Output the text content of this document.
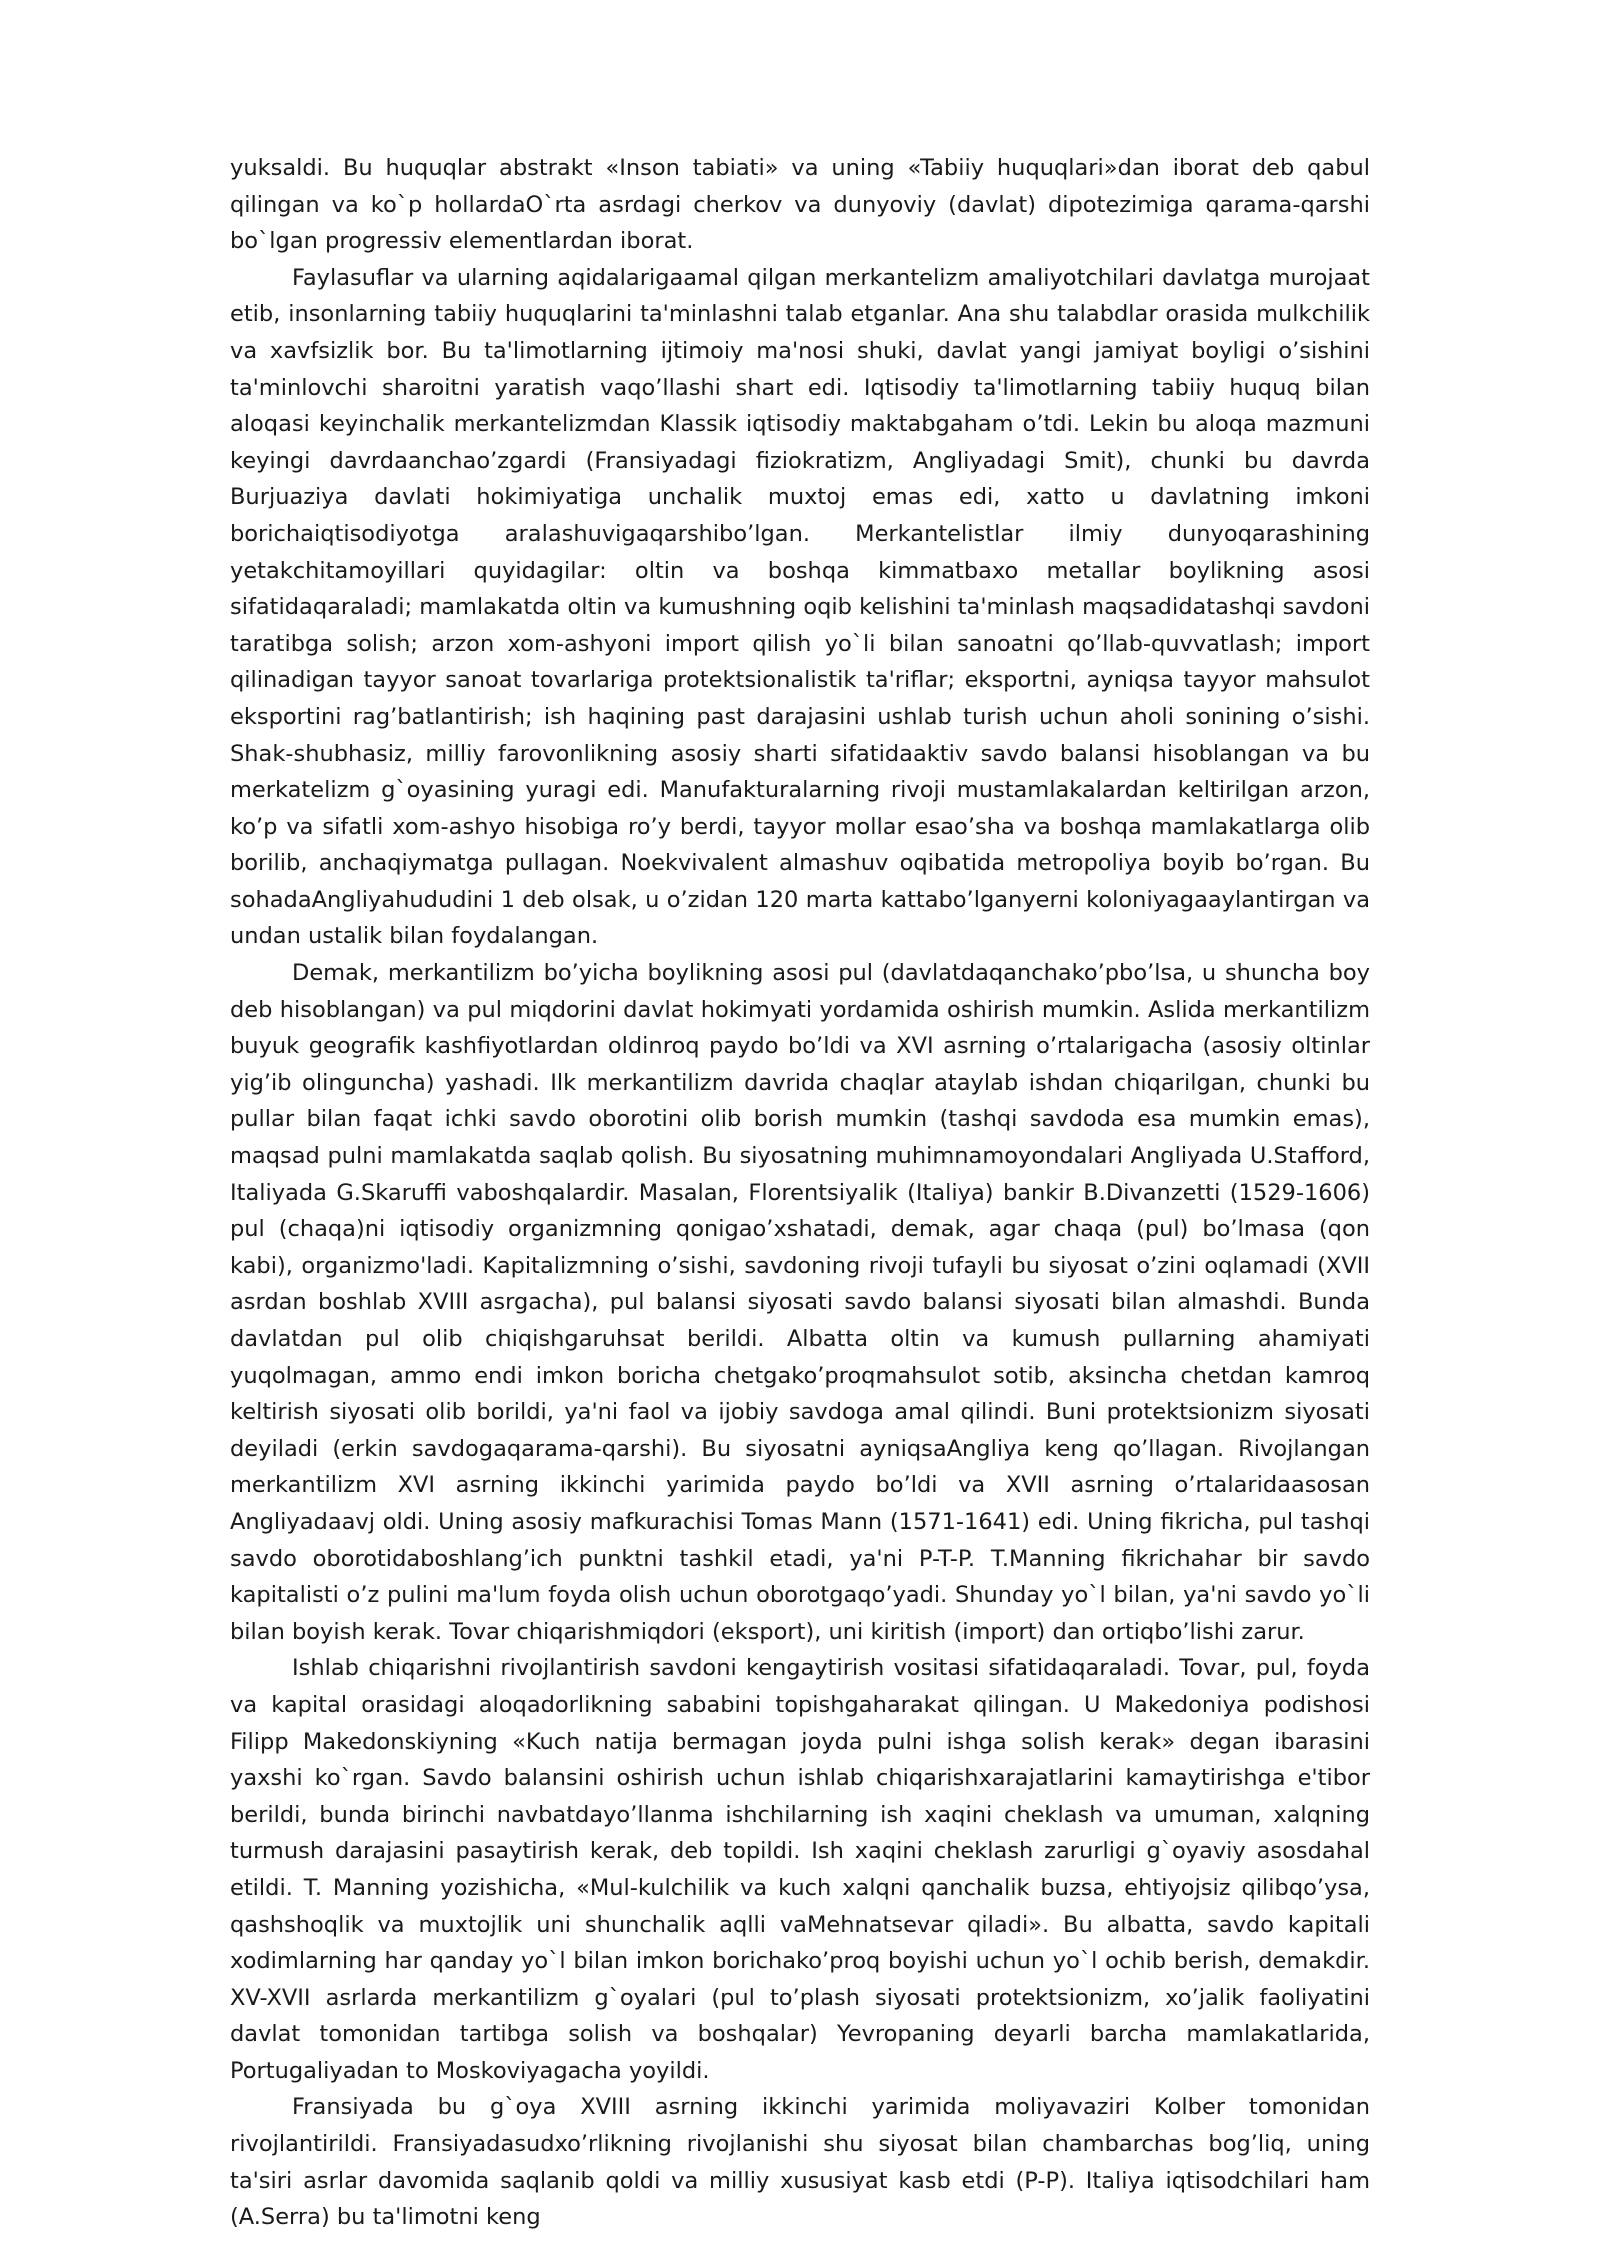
yuksaldi. Bu huquqlar abstrakt «Inson tabiati» va uning «Tabiiy huquqlari»dan iborat deb qabul qilingan va ko`p hollardaO`rta asrdagi cherkov va dunyoviy (davlat) dipotezimiga qarama-qarshi bo`lgan progressiv elementlardan iborat.

Faylasuflar va ularning aqidalarigaamal qilgan merkantelizm amaliyotchilari davlatga murojaat etib, insonlarning tabiiy huquqlarini ta'minlashni talab etganlar. Ana shu talabdlar orasida mulkchilik va xavfsizlik bor. Bu ta'limotlarning ijtimoiy ma'nosi shuki, davlat yangi jamiyat boyligi o’sishini ta'minlovchi sharoitni yaratish vaqo’llashi shart edi. Iqtisodiy ta'limotlarning tabiiy huquq bilan aloqasi keyinchalik merkantelizmdan Klassik iqtisodiy maktabgaham o’tdi. Lekin bu aloqa mazmuni keyingi davrdaanchao’zgardi (Fransiyadagi fiziokratizm, Angliyadagi Smit), chunki bu davrda Burjuaziya davlati hokimiyatiga unchalik muxtoj emas edi, xatto u davlatning imkoni borichaiqtisodiyotga aralashuvigaqarshibo’lgan. Merkantelistlar ilmiy dunyoqarashining yetakchitamoyillari quyidagilar: oltin va boshqa kimmatbaxo metallar boylikning asosi sifatidaqaraladi; mamlakatda oltin va kumushning oqib kelishini ta'minlash maqsadidatashqi savdoni taratibga solish; arzon xom-ashyoni import qilish yo`li bilan sanoatni qo’llab-quvvatlash; import qilinadigan tayyor sanoat tovarlariga protektsionalistik ta'riflar; eksportni, ayniqsa tayyor mahsulot eksportini rag’batlantirish; ish haqining past darajasini ushlab turish uchun aholi sonining o’sishi. Shak-shubhasiz, milliy farovonlikning asosiy sharti sifatidaaktiv savdo balansi hisoblangan va bu merkatelizm g`oyasining yuragi edi. Manufakturalarning rivoji mustamlakalardan keltirilgan arzon, ko’p va sifatli xom-ashyo hisobiga ro’y berdi, tayyor mollar esao’sha va boshqa mamlakatlarga olib borilib, anchaqiymatga pullagan. Noekvivalent almashuv oqibatida metropoliya boyib bo’rgan. Bu sohadaAngliyahududini 1 deb olsak, u o’zidan 120 marta kattabo’lganyerni koloniyagaaylantirgan va undan ustalik bilan foydalangan.

Demak, merkantilizm bo’yicha boylikning asosi pul (davlatdaqanchako’pbo’lsa, u shuncha boy deb hisoblangan) va pul miqdorini davlat hokimyati yordamida oshirish mumkin. Aslida merkantilizm buyuk geografik kashfiyotlardan oldinroq paydo bo’ldi va XVI asrning o’rtalarigacha (asosiy oltinlar yig’ib olinguncha) yashadi. Ilk merkantilizm davrida chaqlar ataylab ishdan chiqarilgan, chunki bu pullar bilan faqat ichki savdo oborotini olib borish mumkin (tashqi savdoda esa mumkin emas), maqsad pulni mamlakatda saqlab qolish. Bu siyosatning muhimnamoyondalari Angliyada U.Stafford, Italiyada G.Skaruffi vaboshqalardir. Masalan, Florentsiyalik (Italiya) bankir B.Divanzetti (1529-1606) pul (chaqa)ni iqtisodiy organizmning qonigao’xshatadi, demak, agar chaqa (pul) bo’lmasa (qon kabi), organizmo'ladi. Kapitalizmning o’sishi, savdoning rivoji tufayli bu siyosat o’zini oqlamadi (XVII asrdan boshlab XVIII asrgacha), pul balansi siyosati savdo balansi siyosati bilan almashdi. Bunda davlatdan pul olib chiqishgaruhsat berildi. Albatta oltin va kumush pullarning ahamiyati yuqolmagan, ammo endi imkon boricha chetgako’proqmahsulot sotib, aksincha chetdan kamroq keltirish siyosati olib borildi, ya'ni faol va ijobiy savdoga amal qilindi. Buni protektsionizm siyosati deyiladi (erkin savdogaqarama-qarshi). Bu siyosatni ayniqsaAngliya keng qo’llagan. Rivojlangan merkantilizm XVI asrning ikkinchi yarimida paydo bo’ldi va XVII asrning o’rtalaridaasosan Angliyadaavj oldi. Uning asosiy mafkurachisi Tomas Mann (1571-1641) edi. Uning fikricha, pul tashqi savdo oborotidaboshlang’ich punktni tashkil etadi, ya'ni P-T-P. T.Manning fikrichahar bir savdo kapitalisti o’z pulini ma'lum foyda olish uchun oborotgaqo’yadi. Shunday yo`l bilan, ya'ni savdo yo`li bilan boyish kerak. Tovar chiqarishmiqdori (eksport), uni kiritish (import) dan ortiqbo’lishi zarur.

Ishlab chiqarishni rivojlantirish savdoni kengaytirish vositasi sifatidaqaraladi. Tovar, pul, foyda va kapital orasidagi aloqadorlikning sababini topishgaharakat qilingan. U Makedoniya podishosi Filipp Makedonskiyning «Kuch natija bermagan joyda pulni ishga solish kerak» degan ibarasini yaxshi ko`rgan. Savdo balansini oshirish uchun ishlab chiqarishxarajatlarini kamaytirishga e'tibor berildi, bunda birinchi navbatdayo’llanma ishchilarning ish xaqini cheklash va umuman, xalqning turmush darajasini pasaytirish kerak, deb topildi. Ish xaqini cheklash zarurligi g`oyaviy asosdahal etildi. T. Manning yozishicha, «Mul-kulchilik va kuch xalqni qanchalik buzsa, ehtiyojsiz qilibqo’ysa, qashshoqlik va muxtojlik uni shunchalik aqlli vaMehnatsevar qiladi». Bu albatta, savdo kapitali xodimlarning har qanday yo`l bilan imkon borichako’proq boyishi uchun yo`l ochib berish, demakdir. XV-XVII asrlarda merkantilizm g`oyalari (pul to’plash siyosati protektsionizm, xo’jalik faoliyatini davlat tomonidan tartibga solish va boshqalar) Yevropaning deyarli barcha mamlakatlarida, Portugaliyadan to Moskoviyagacha yoyildi.

Fransiyada bu g`oya XVIII asrning ikkinchi yarimida moliyavaziri Kolber tomonidan rivojlantirildi. Fransiyadasudxo’rlikning rivojlanishi shu siyosat bilan chambarchas bog’liq, uning ta'siri asrlar davomida saqlanib qoldi va milliy xususiyat kasb etdi (P-P). Italiya iqtisodchilari ham (A.Serra) bu ta'limotni keng
